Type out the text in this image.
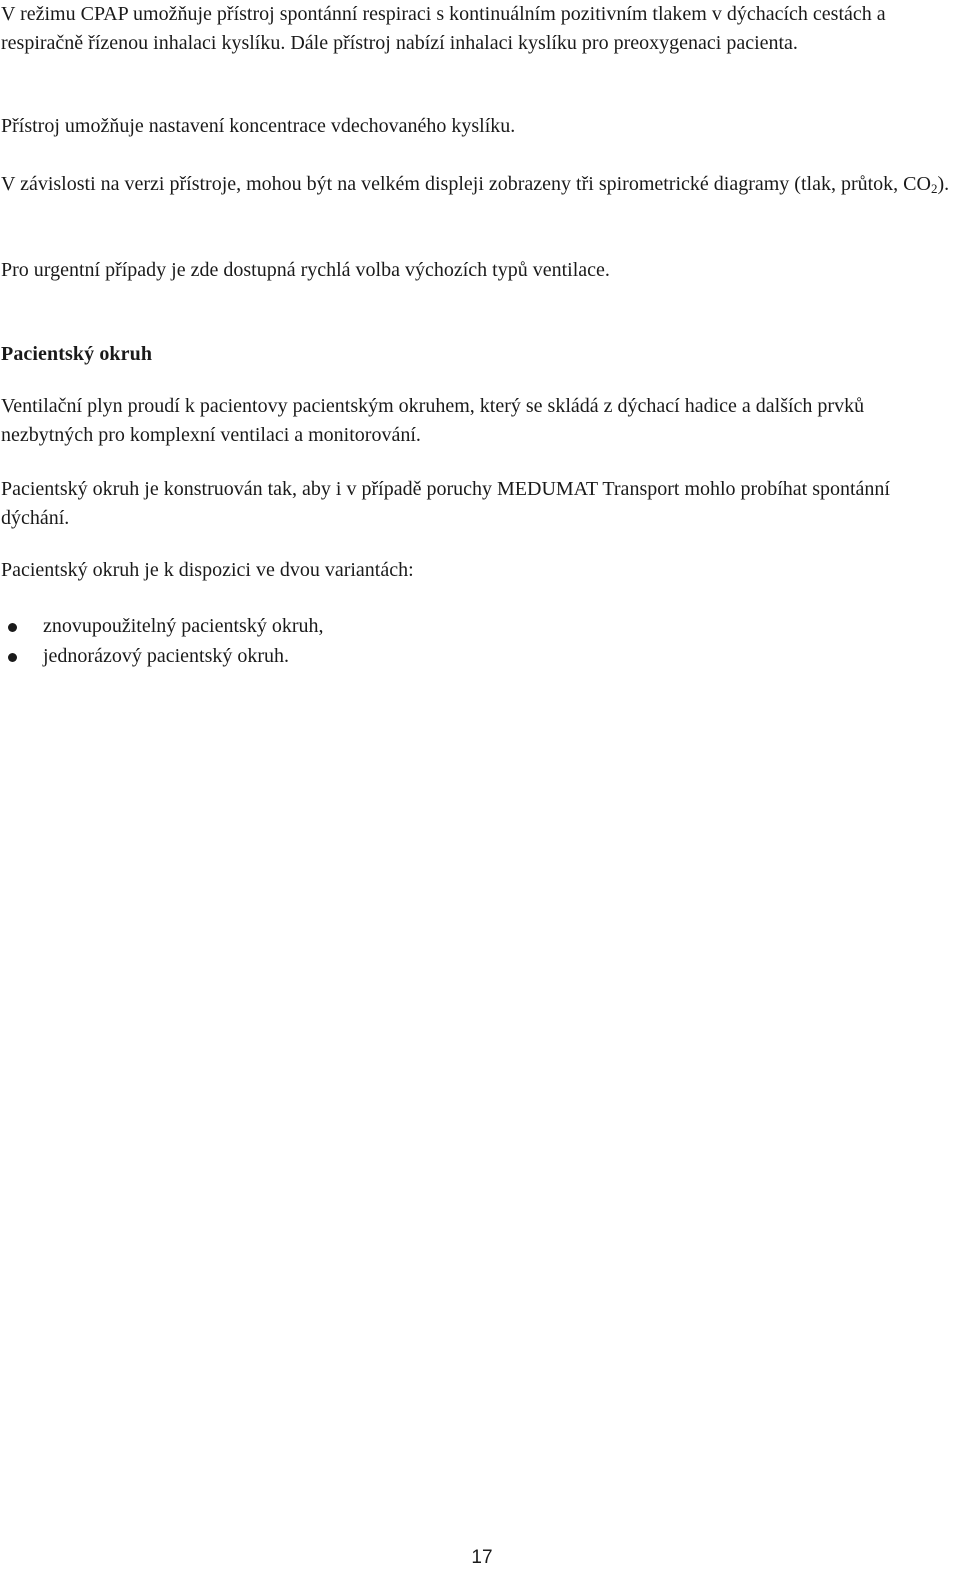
V režimu CPAP umožňuje přístroj spontánní respiraci s kontinuálním pozitivním tlakem v dýchacích cestách a respiračně řízenou inhalaci kyslíku. Dále přístroj nabízí inhalaci kyslíku pro preoxygenaci pacienta.

Přístroj umožňuje nastavení koncentrace vdechovaného kyslíku.

V závislosti na verzi přístroje, mohou být na velkém displeji zobrazeny tři spirometrické diagramy (tlak, průtok, $CO_2$).

Pro urgentní případy je zde dostupná rychlá volba výchozích typů ventilace.

Pacientský okruh

Ventilační plyn proudí k pacientovy pacientským okruhem, který se skládá z dýchací hadice a dalších prvků nezbytných pro komplexní ventilaci a monitorování.

Pacientský okruh je konstruován tak, aby i v případě poruchy MEDUMAT Transport mohlo probíhat spontánní dýchání.

Pacientský okruh je k dispozici ve dvou variantách:

znovupoužitelný pacientský okruh,
jednorázový pacientský okruh.
17
